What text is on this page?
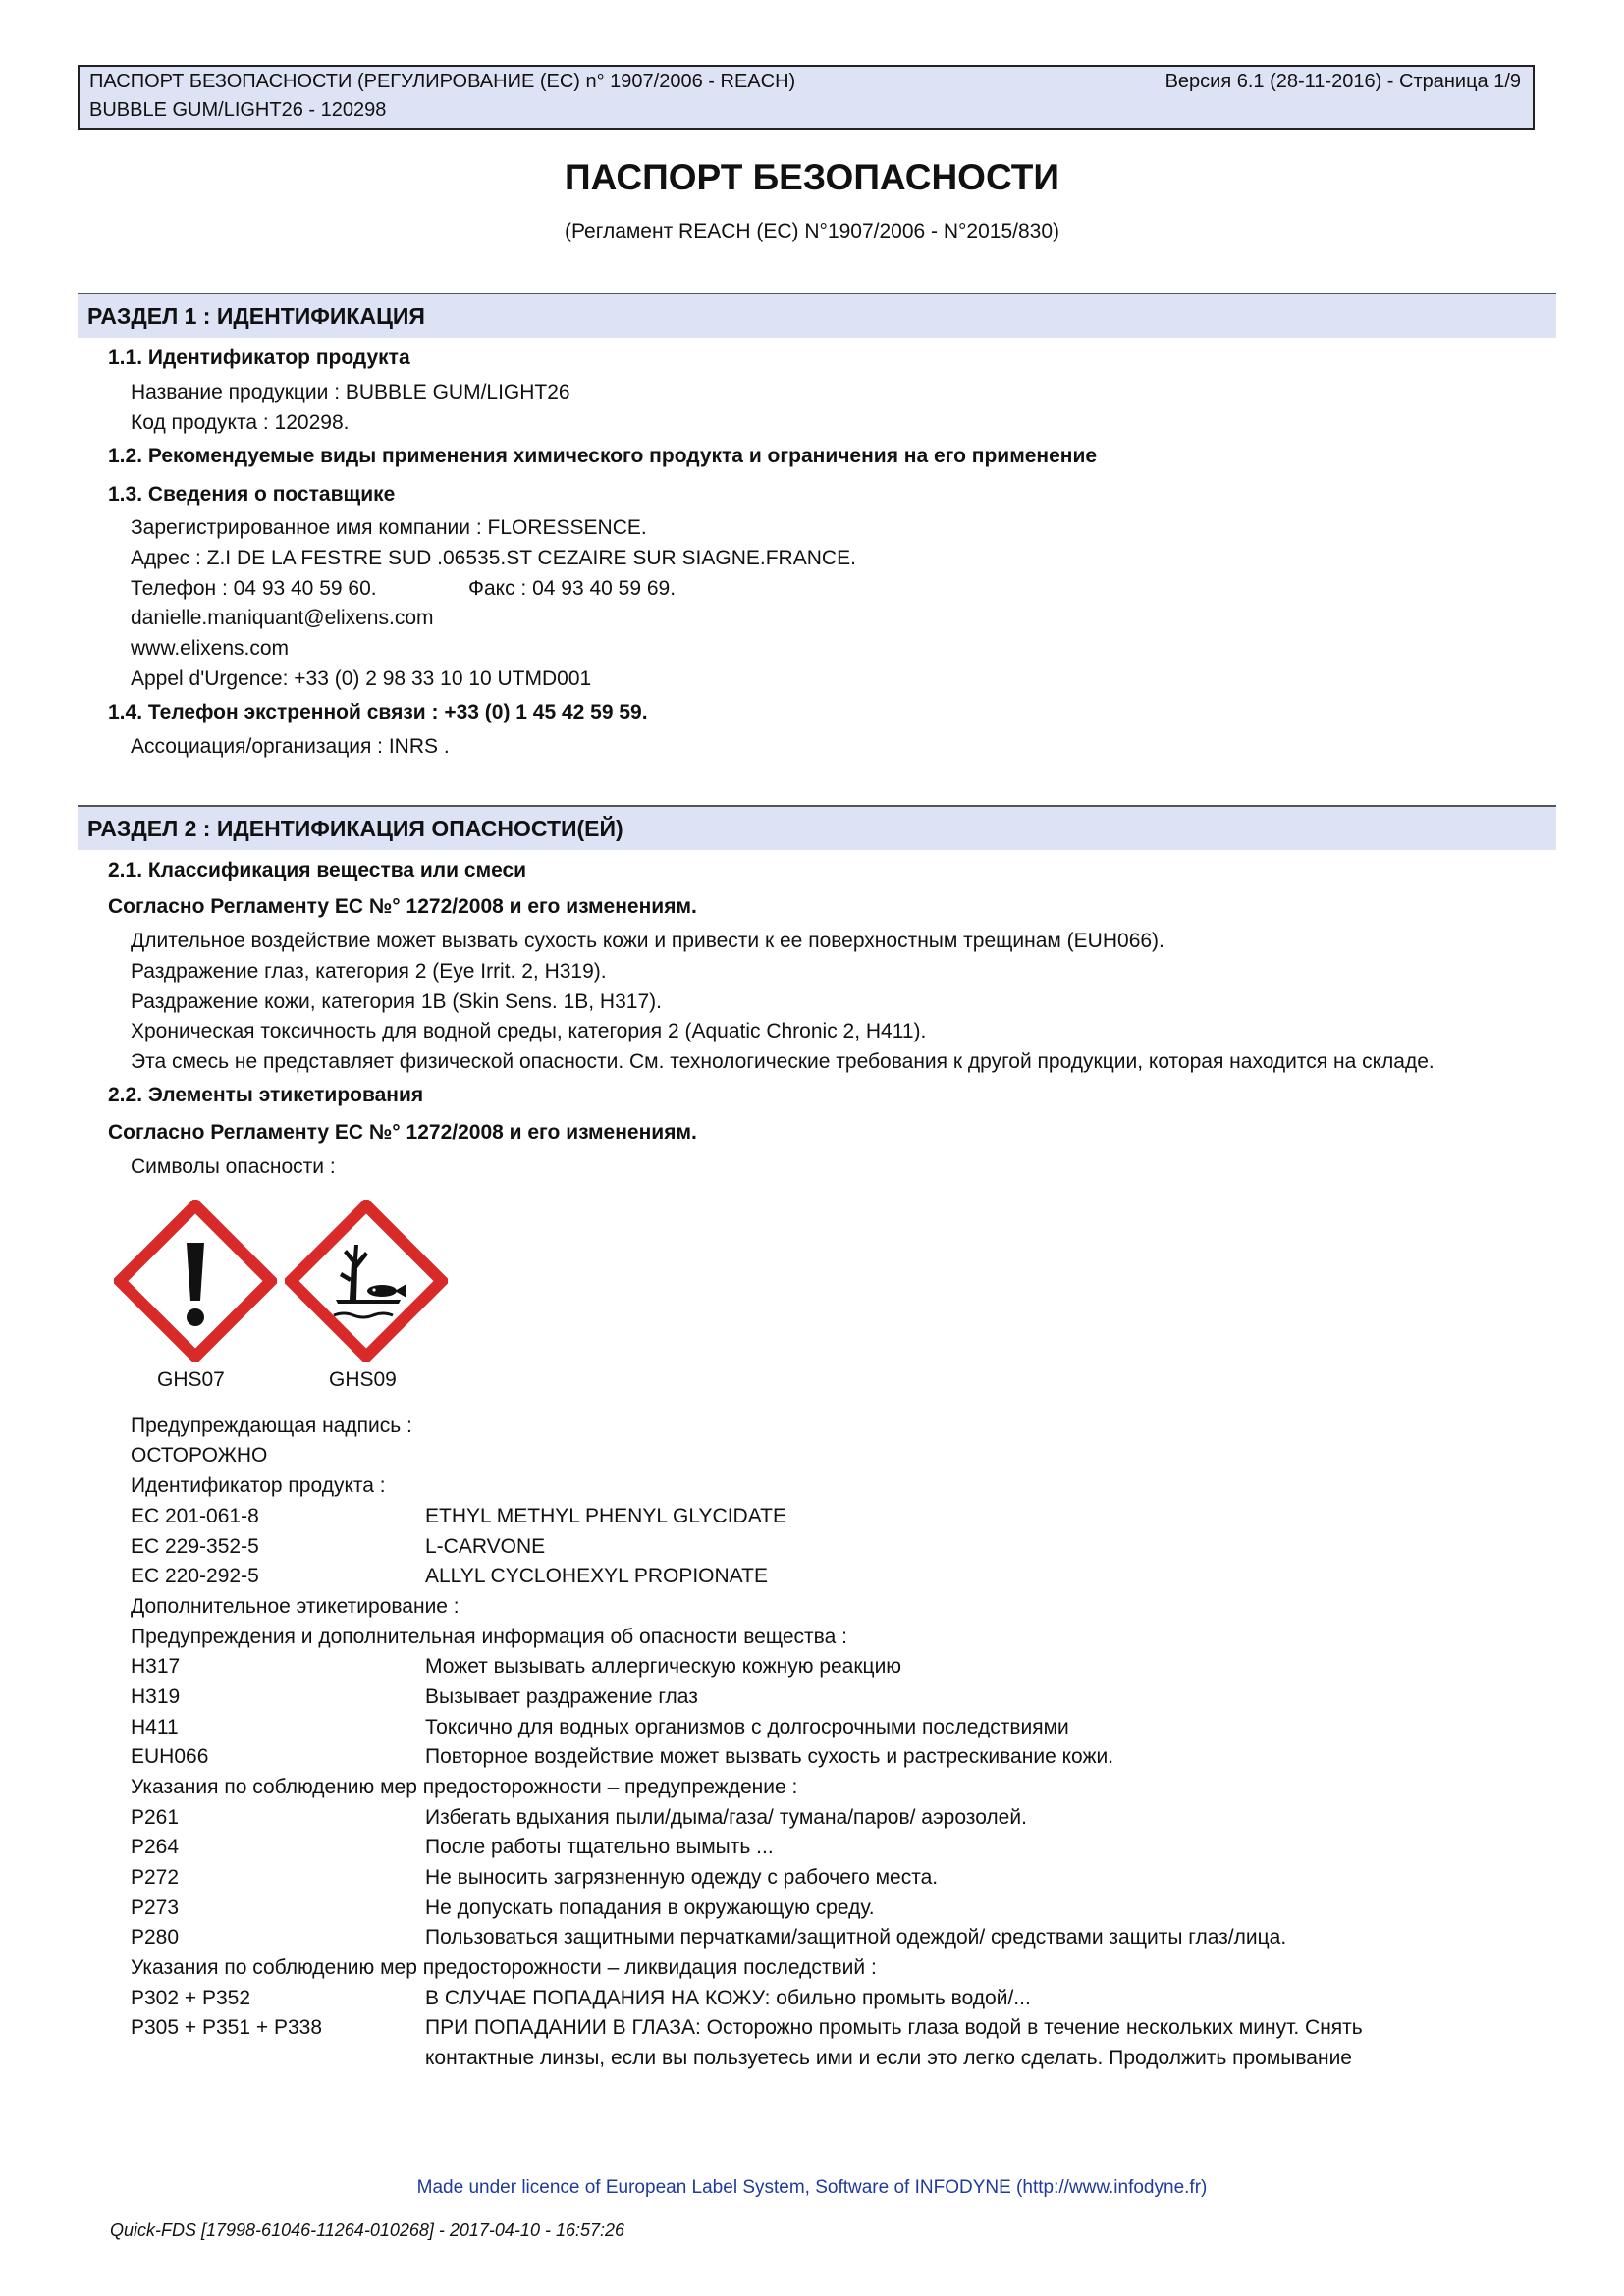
ПАСПОРТ БЕЗОПАСНОСТИ (РЕГУЛИРОВАНИЕ (ЕС) n° 1907/2006 - REACH)
BUBBLE GUM/LIGHT26 - 120298
Версия 6.1 (28-11-2016) - Страница 1/9
ПАСПОРТ БЕЗОПАСНОСТИ
(Регламент REACH (ЕС) N°1907/2006 - N°2015/830)
РАЗДЕЛ 1 : ИДЕНТИФИКАЦИЯ
1.1. Идентификатор продукта
Название продукции : BUBBLE GUM/LIGHT26
Код продукта : 120298.
1.2. Рекомендуемые виды применения химического продукта и ограничения на его применение
1.3. Сведения о поставщике
Зарегистрированное имя компании : FLORESSENCE.
Адрес : Z.I DE LA FESTRE SUD .06535.ST CEZAIRE SUR SIAGNE.FRANCE.
Телефон : 04 93 40 59 60.	Факс : 04 93 40 59 69.
danielle.maniquant@elixens.com
www.elixens.com
Appel d'Urgence: +33 (0) 2 98 33 10 10 UTMD001
1.4. Телефон экстренной связи : +33 (0) 1 45 42 59 59.
Ассоциация/организация : INRS .
РАЗДЕЛ 2 : ИДЕНТИФИКАЦИЯ ОПАСНОСТИ(ЕЙ)
2.1. Классификация вещества или смеси
Согласно Регламенту ЕС №° 1272/2008 и его изменениям.
Длительное воздействие может вызвать сухость кожи и привести к ее поверхностным трещинам (EUH066).
Раздражение глаз, категория 2 (Eye Irrit. 2, H319).
Раздражение кожи, категория 1B (Skin Sens. 1B, H317).
Хроническая токсичность для водной среды, категория 2 (Aquatic Chronic 2, H411).
Эта смесь не представляет физической опасности. См. технологические требования к другой продукции, которая находится на складе.
2.2. Элементы этикетирования
Согласно Регламенту ЕС №° 1272/2008 и его изменениям.
Символы опасности :
GHS07	GHS09
Предупреждающая надпись :
ОСТОРОЖНО
Идентификатор продукта :
EC 201-061-8	ETHYL METHYL PHENYL GLYCIDATE
EC 229-352-5	L-CARVONE
EC 220-292-5	ALLYL CYCLOHEXYL PROPIONATE
Дополнительное этикетирование :
Предупреждения и дополнительная информация об опасности вещества :
H317	Может вызывать аллергическую кожную реакцию
H319	Вызывает раздражение глаз
H411	Токсично для водных организмов с долгосрочными последствиями
EUH066	Повторное воздействие может вызвать сухость и растрескивание кожи.
Указания по соблюдению мер предосторожности – предупреждение :
P261	Избегать вдыхания пыли/дыма/газа/ тумана/паров/ аэрозолей.
P264	После работы тщательно вымыть ...
P272	Не выносить загрязненную одежду с рабочего места.
P273	Не допускать попадания в окружающую среду.
P280	Пользоваться защитными перчатками/защитной одеждой/ средствами защиты глаз/лица.
Указания по соблюдению мер предосторожности – ликвидация последствий :
P302 + P352	В СЛУЧАЕ ПОПАДАНИЯ НА КОЖУ: обильно промыть водой/...
P305 + P351 + P338	ПРИ ПОПАДАНИИ В ГЛАЗА: Осторожно промыть глаза водой в течение нескольких минут. Снять
контактные линзы, если вы пользуетесь ими и если это легко сделать. Продолжить промывание
Made under licence of European Label System, Software of INFODYNE (http://www.infodyne.fr)
Quick-FDS [17998-61046-11264-010268] - 2017-04-10 - 16:57:26
